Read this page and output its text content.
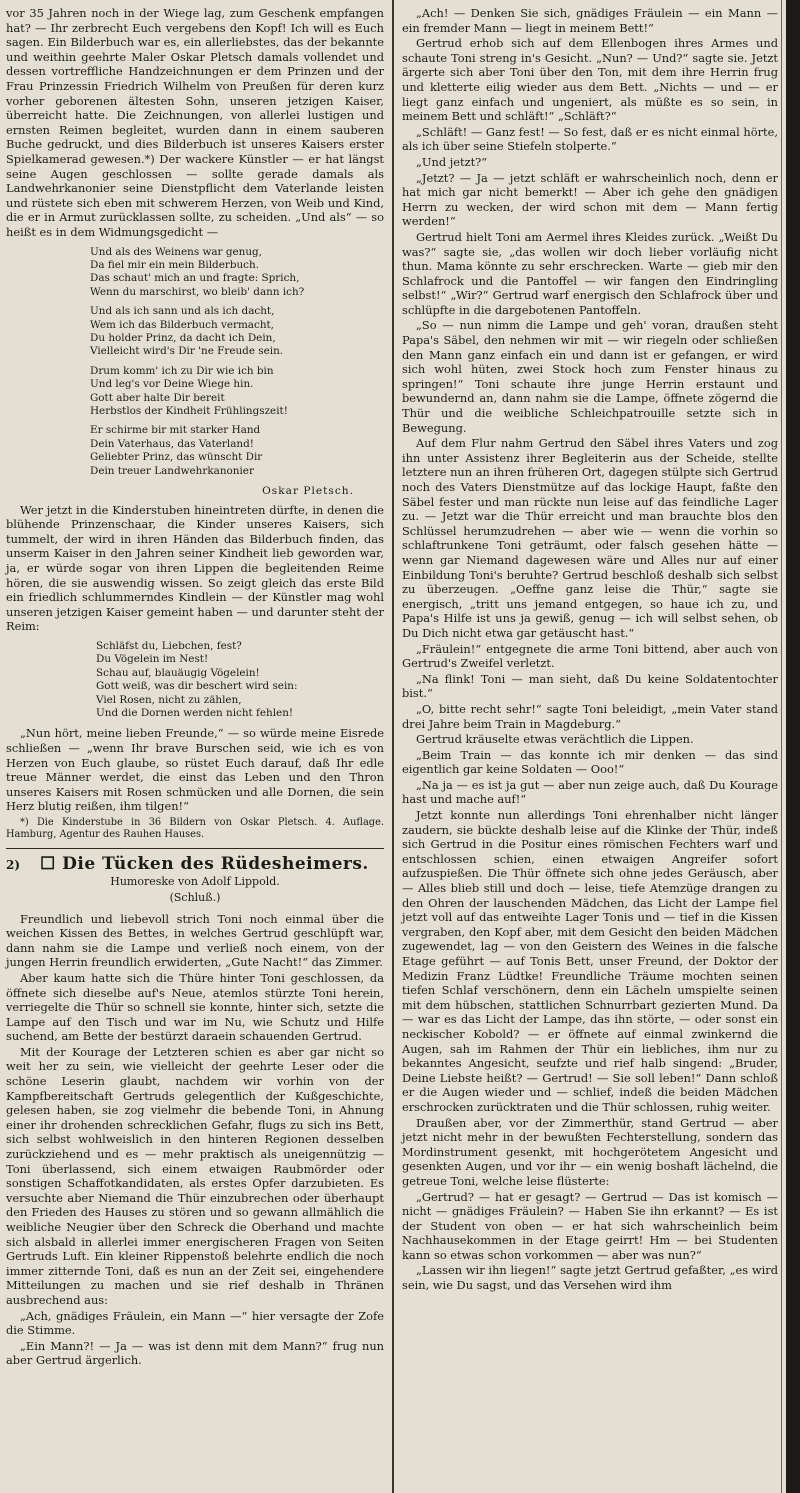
vor 35 Jahren noch in der Wiege lag, zum Geschenk empfangen hat? — Ihr zerbrecht Euch vergebens den Kopf! Ich will es Euch sagen. Ein Bilderbuch war es, ein allerliebstes, das der bekannte und weithin geehrte Maler Oskar Pletsch damals vollendet und dessen vortreffliche Handzeichnungen er dem Prinzen und der Frau Prinzessin Friedrich Wilhelm von Preußen für deren kurz vorher geborenen ältesten Sohn, unseren jetzigen Kaiser, überreicht hatte. Die Zeichnungen, von allerlei lustigen und ernsten Reimen begleitet, wurden dann in einem sauberen Buche gedruckt, und dies Bilderbuch ist unseres Kaisers erster Spielkamerad gewesen.*) Der wackere Künstler — er hat längst seine Augen geschlossen — sollte gerade damals als Landwehrkanonier seine Dienstpflicht dem Vaterlande leisten und rüstete sich eben mit schwerem Herzen, von Weib und Kind, die er in Armut zurücklassen sollte, zu scheiden. „Und als“ — so heißt es in dem Widmungsgedicht —

Und als des Weinens war genug,
Da fiel mir ein mein Bilderbuch.
Das schaut' mich an und fragte: Sprich,
Wenn du marschirst, wo bleib' dann ich?
Und als ich sann und als ich dacht,
Wem ich das Bilderbuch vermacht,
Du holder Prinz, da dacht ich Dein,
Vielleicht wird's Dir 'ne Freude sein.
Drum komm' ich zu Dir wie ich bin
Und leg's vor Deine Wiege hin.
Gott aber halte Dir bereit
Herbstlos der Kindheit Frühlingszeit!
Er schirme bir mit starker Hand
Dein Vaterhaus, das Vaterland!
Geliebter Prinz, das wünscht Dir
Dein treuer Landwehrkanonier
Oskar Pletsch.

Wer jetzt in die Kinderstuben hineintreten dürfte, in denen die blühende Prinzenschaar, die Kinder unseres Kaisers, sich tummelt, der wird in ihren Händen das Bilderbuch finden, das unserm Kaiser in den Jahren seiner Kindheit lieb geworden war, ja, er würde sogar von ihren Lippen die begleitenden Reime hören, die sie auswendig wissen. So zeigt gleich das erste Bild ein friedlich schlummerndes Kindlein — der Künstler mag wohl unseren jetzigen Kaiser gemeint haben — und darunter steht der Reim:

Schläfst du, Liebchen, fest?
Du Vögelein im Nest!
Schau auf, blauäugig Vögelein!
Gott weiß, was dir beschert wird sein:
Viel Rosen, nicht zu zählen,
Und die Dornen werden nicht fehlen!

„Nun hört, meine lieben Freunde,“ — so würde meine Eisrede schließen — „wenn Ihr brave Burschen seid, wie ich es von Herzen von Euch glaube, so rüstet Euch darauf, daß Ihr edle treue Männer werdet, die einst das Leben und den Thron unseres Kaisers mit Rosen schmücken und alle Dornen, die sein Herz blutig reißen, ihm tilgen!“

*) Die Kinderstube in 36 Bildern von Oskar Pletsch. 4. Auflage. Hamburg, Agentur des Rauhen Hauses.

2)	☐ Die Tücken des Rüdesheimers.
Humoreske von Adolf Lippold.
(Schluß.)

Freundlich und liebevoll strich Toni noch einmal über die weichen Kissen des Bettes, in welches Gertrud geschlüpft war, dann nahm sie die Lampe und verließ noch einem, von der jungen Herrin freundlich erwiderten, „Gute Nacht!“ das Zimmer.

Aber kaum hatte sich die Thüre hinter Toni geschlossen, da öffnete sich dieselbe auf's Neue, atemlos stürzte Toni herein, verriegelte die Thür so schnell sie konnte, hinter sich, setzte die Lampe auf den Tisch und war im Nu, wie Schutz und Hilfe suchend, am Bette der bestürzt daraein schauenden Gertrud.

Mit der Kourage der Letzteren schien es aber gar nicht so weit her zu sein, wie vielleicht der geehrte Leser oder die schöne Leserin glaubt, nachdem wir vorhin von der Kampfbereitschaft Gertruds gelegentlich der Kußgeschichte, gelesen haben, sie zog vielmehr die bebende Toni, in Ahnung einer ihr drohenden schrecklichen Gefahr, flugs zu sich ins Bett, sich selbst wohlweislich in den hinteren Regionen desselben zurückziehend und es — mehr praktisch als uneigennützig — Toni überlassend, sich einem etwaigen Raubmörder oder sonstigen Schaffotkandidaten, als erstes Opfer darzubieten. Es versuchte aber Niemand die Thür einzubrechen oder überhaupt den Frieden des Hauses zu stören und so gewann allmählich die weibliche Neugier über den Schreck die Oberhand und machte sich alsbald in allerlei immer energischeren Fragen von Seiten Gertruds Luft. Ein kleiner Rippenstoß belehrte endlich die noch immer zitternde Toni, daß es nun an der Zeit sei, eingehendere Mitteilungen zu machen und sie rief deshalb in Thränen ausbrechend aus:

„Ach, gnädiges Fräulein, ein Mann —“ hier versagte der Zofe die Stimme.

„Ein Mann?! — Ja — was ist denn mit dem Mann?“ frug nun aber Gertrud ärgerlich.

„Ach! — Denken Sie sich, gnädiges Fräulein — ein Mann — ein fremder Mann — liegt in meinem Bett!“

Gertrud erhob sich auf dem Ellenbogen ihres Armes und schaute Toni streng in's Gesicht. „Nun? — Und?“ sagte sie. Jetzt ärgerte sich aber Toni über den Ton, mit dem ihre Herrin frug und kletterte eilig wieder aus dem Bett. „Nichts — und — er liegt ganz einfach und ungeniert, als müßte es so sein, in meinem Bett und schläft!“ „Schläft?“

„Schläft! — Ganz fest! — So fest, daß er es nicht einmal hörte, als ich über seine Stiefeln stolperte.“

„Und jetzt?“

„Jetzt? — Ja — jetzt schläft er wahrscheinlich noch, denn er hat mich gar nicht bemerkt! — Aber ich gehe den gnädigen Herrn zu wecken, der wird schon mit dem — Mann fertig werden!“

Gertrud hielt Toni am Aermel ihres Kleides zurück. „Weißt Du was?“ sagte sie, „das wollen wir doch lieber vorläufig nicht thun. Mama könnte zu sehr erschrecken. Warte — gieb mir den Schlafrock und die Pantoffel — wir fangen den Eindringling selbst!“ „Wir?“ Gertrud warf energisch den Schlafrock über und schlüpfte in die dargebotenen Pantoffeln.

„So — nun nimm die Lampe und geh' voran, draußen steht Papa's Säbel, den nehmen wir mit — wir riegeln oder schließen den Mann ganz einfach ein und dann ist er gefangen, er wird sich wohl hüten, zwei Stock hoch zum Fenster hinaus zu springen!“ Toni schaute ihre junge Herrin erstaunt und bewundernd an, dann nahm sie die Lampe, öffnete zögernd die Thür und die weibliche Schleichpatrouille setzte sich in Bewegung.

Auf dem Flur nahm Gertrud den Säbel ihres Vaters und zog ihn unter Assistenz ihrer Begleiterin aus der Scheide, stellte letztere nun an ihren früheren Ort, dagegen stülpte sich Gertrud noch des Vaters Dienstmütze auf das lockige Haupt, faßte den Säbel fester und man rückte nun leise auf das feindliche Lager zu. — Jetzt war die Thür erreicht und man brauchte blos den Schlüssel herumzudrehen — aber wie — wenn die vorhin so schlaftrunkene Toni geträumt, oder falsch gesehen hätte — wenn gar Niemand dagewesen wäre und Alles nur auf einer Einbildung Toni's beruhte? Gertrud beschloß deshalb sich selbst zu überzeugen. „Oeffne ganz leise die Thür,“ sagte sie energisch, „tritt uns jemand entgegen, so haue ich zu, und Papa's Hilfe ist uns ja gewiß, genug — ich will selbst sehen, ob Du Dich nicht etwa gar getäuscht hast.“

„Fräulein!“ entgegnete die arme Toni bittend, aber auch von Gertrud's Zweifel verletzt.

„Na flink! Toni — man sieht, daß Du keine Soldatentochter bist.“

„O, bitte recht sehr!“ sagte Toni beleidigt, „mein Vater stand drei Jahre beim Train in Magdeburg.“

Gertrud kräuselte etwas verächtlich die Lippen.

„Beim Train — das konnte ich mir denken — das sind eigentlich gar keine Soldaten — Ooo!“

„Na ja — es ist ja gut — aber nun zeige auch, daß Du Kourage hast und mache auf!“

Jetzt konnte nun allerdings Toni ehrenhalber nicht länger zaudern, sie bückte deshalb leise auf die Klinke der Thür, indeß sich Gertrud in die Positur eines römischen Fechters warf und entschlossen schien, einen etwaigen Angreifer sofort aufzuspießen. Die Thür öffnete sich ohne jedes Geräusch, aber — Alles blieb still und doch — leise, tiefe Atemzüge drangen zu den Ohren der lauschenden Mädchen, das Licht der Lampe fiel jetzt voll auf das entweihte Lager Tonis und — tief in die Kissen vergraben, den Kopf aber, mit dem Gesicht den beiden Mädchen zugewendet, lag — von den Geistern des Weines in die falsche Etage geführt — auf Tonis Bett, unser Freund, der Doktor der Medizin Franz Lüdtke! Freundliche Träume mochten seinen tiefen Schlaf verschönern, denn ein Lächeln umspielte seinen mit dem hübschen, stattlichen Schnurrbart gezierten Mund. Da — war es das Licht der Lampe, das ihn störte, — oder sonst ein neckischer Kobold? — er öffnete auf einmal zwinkernd die Augen, sah im Rahmen der Thür ein liebliches, ihm nur zu bekanntes Angesicht, seufzte und rief halb singend: „Bruder, Deine Liebste heißt? — Gertrud! — Sie soll leben!“ Dann schloß er die Augen wieder und — schlief, indeß die beiden Mädchen erschrocken zurücktraten und die Thür schlossen, ruhig weiter.

Draußen aber, vor der Zimmerthür, stand Gertrud — aber jetzt nicht mehr in der bewußten Fechterstellung, sondern das Mordinstrument gesenkt, mit hochgerötetem Angesicht und gesenkten Augen, und vor ihr — ein wenig boshaft lächelnd, die getreue Toni, welche leise flüsterte:

„Gertrud? — hat er gesagt? — Gertrud — Das ist komisch — nicht — gnädiges Fräulein? — Haben Sie ihn erkannt? — Es ist der Student von oben — er hat sich wahrscheinlich beim Nachhausekommen in der Etage geirrt! Hm — bei Studenten kann so etwas schon vorkommen — aber was nun?“

„Lassen wir ihn liegen!“ sagte jetzt Gertrud gefaßter, „es wird sein, wie Du sagst, und das Versehen wird ihm
